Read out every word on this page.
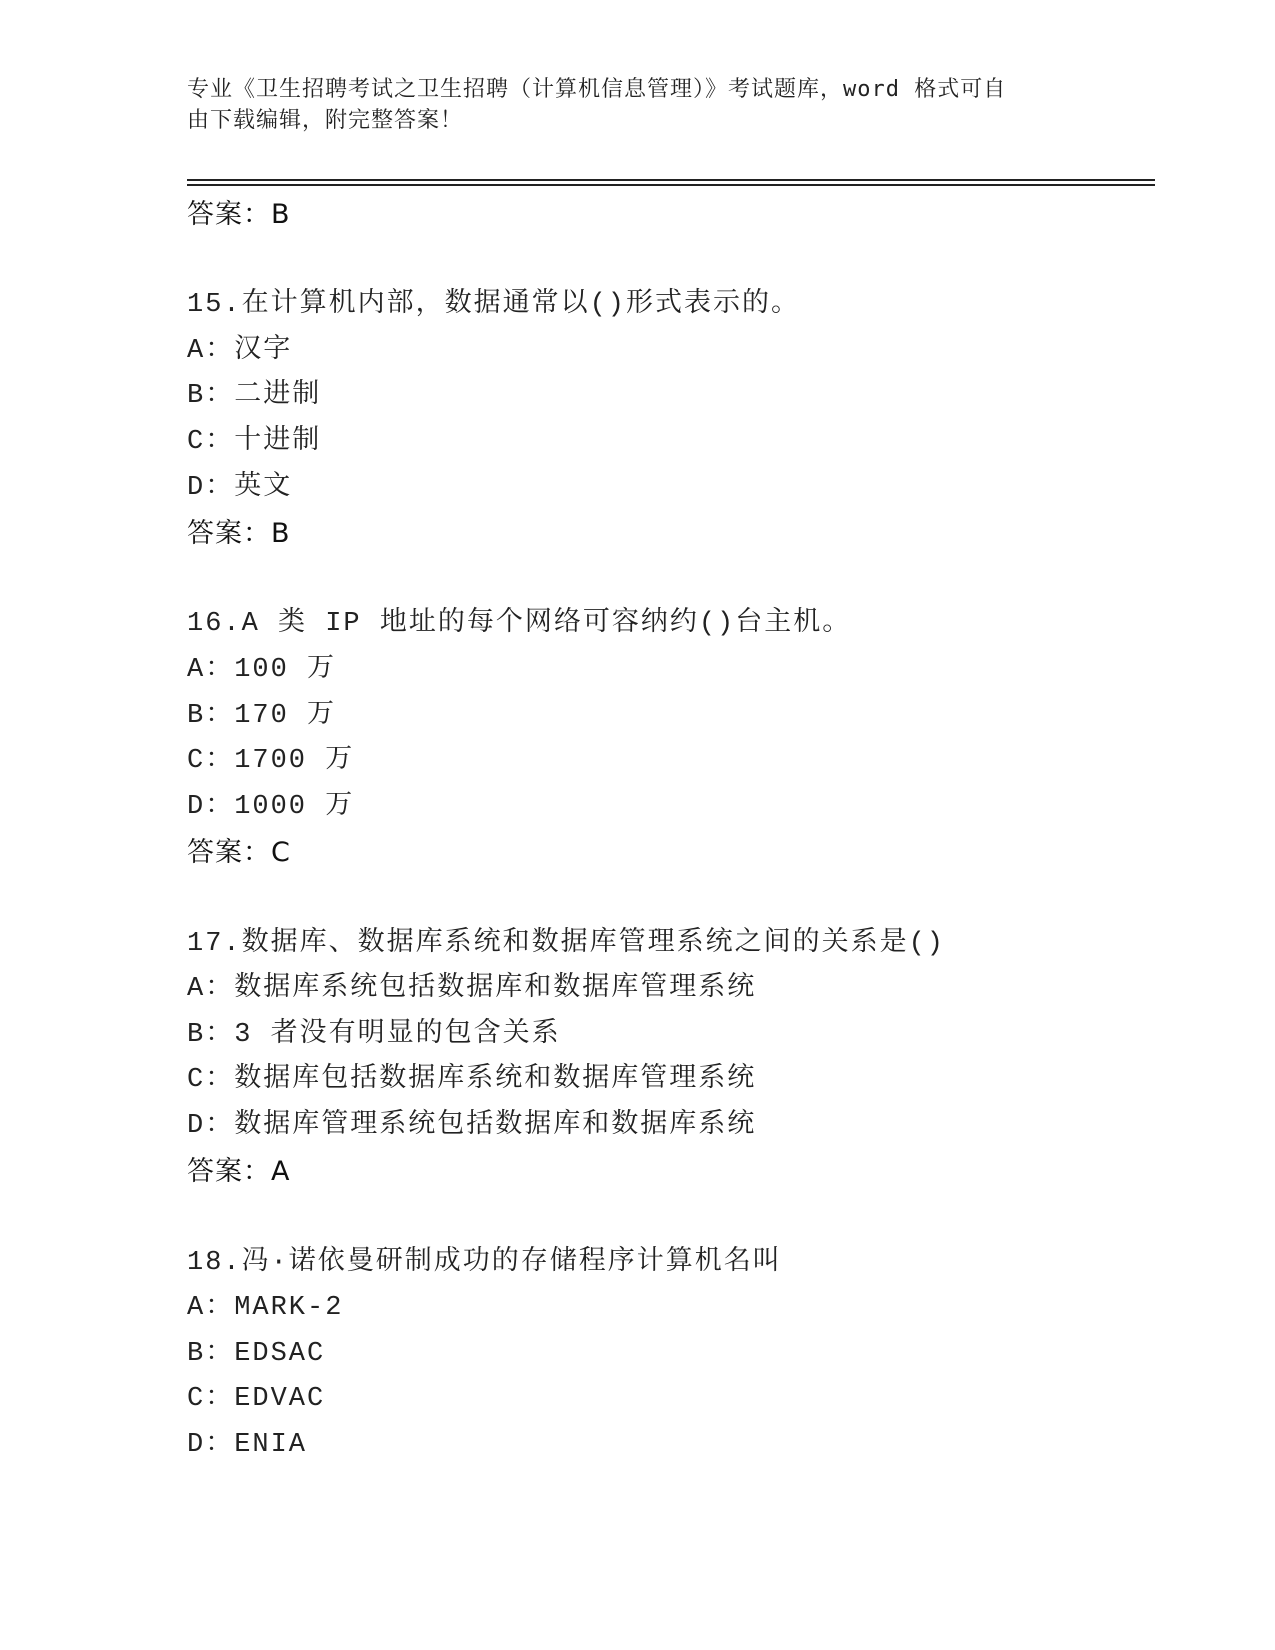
专业《卫生招聘考试之卫生招聘（计算机信息管理）》考试题库，word 格式可自
由下载编辑，附完整答案！
答案：B
15.在计算机内部，数据通常以()形式表示的。
A：汉字
B：二进制
C：十进制
D：英文
答案：B
16.A 类 IP 地址的每个网络可容纳约()台主机。
A：100 万
B：170 万
C：1700 万
D：1000 万
答案：C
17.数据库、数据库系统和数据库管理系统之间的关系是()
A：数据库系统包括数据库和数据库管理系统
B：3 者没有明显的包含关系
C：数据库包括数据库系统和数据库管理系统
D：数据库管理系统包括数据库和数据库系统
答案：A
18.冯·诺依曼研制成功的存储程序计算机名叫
A：MARK-2
B：EDSAC
C：EDVAC
D：ENIA
